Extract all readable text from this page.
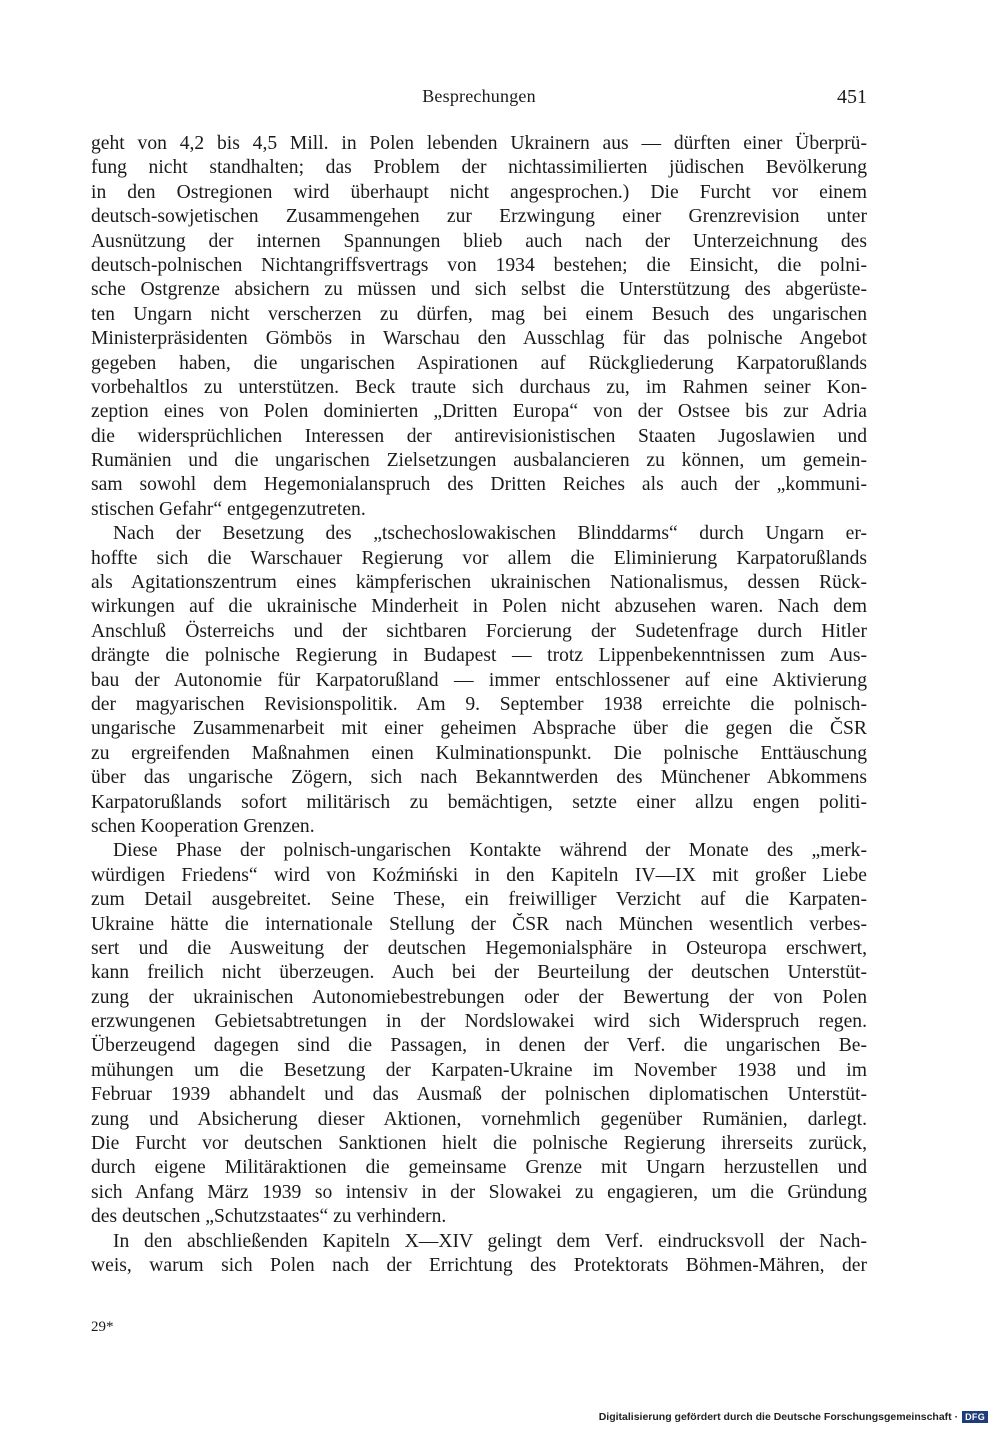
Besprechungen	451
geht von 4,2 bis 4,5 Mill. in Polen lebenden Ukrainern aus — dürften einer Überprü-
fung nicht standhalten; das Problem der nichtassimilierten jüdischen Bevölkerung
in den Ostregionen wird überhaupt nicht angesprochen.) Die Furcht vor einem
deutsch-sowjetischen Zusammengehen zur Erzwingung einer Grenzrevision unter
Ausnützung der internen Spannungen blieb auch nach der Unterzeichnung des
deutsch-polnischen Nichtangriffsvertrags von 1934 bestehen; die Einsicht, die polni-
sche Ostgrenze absichern zu müssen und sich selbst die Unterstützung des abgerüste-
ten Ungarn nicht verscherzen zu dürfen, mag bei einem Besuch des ungarischen
Ministerpräsidenten Gömbös in Warschau den Ausschlag für das polnische Angebot
gegeben haben, die ungarischen Aspirationen auf Rückgliederung Karpatorußlands
vorbehaltlos zu unterstützen. Beck traute sich durchaus zu, im Rahmen seiner Kon-
zeption eines von Polen dominierten „Dritten Europa“ von der Ostsee bis zur Adria
die widersprüchlichen Interessen der antirevisionistischen Staaten Jugoslawien und
Rumänien und die ungarischen Zielsetzungen ausbalancieren zu können, um gemein-
sam sowohl dem Hegemonialanspruch des Dritten Reiches als auch der „kommuni-
stischen Gefahr“ entgegenzutreten.
Nach der Besetzung des „tschechoslowakischen Blinddarms“ durch Ungarn er-
hoffte sich die Warschauer Regierung vor allem die Eliminierung Karpatorußlands
als Agitationszentrum eines kämpferischen ukrainischen Nationalismus, dessen Rück-
wirkungen auf die ukrainische Minderheit in Polen nicht abzusehen waren. Nach dem
Anschluß Österreichs und der sichtbaren Forcierung der Sudetenfrage durch Hitler
drängte die polnische Regierung in Budapest — trotz Lippenbekenntnissen zum Aus-
bau der Autonomie für Karpatorußland — immer entschlossener auf eine Aktivierung
der magyarischen Revisionspolitik. Am 9. September 1938 erreichte die polnisch-
ungarische Zusammenarbeit mit einer geheimen Absprache über die gegen die ČSR
zu ergreifenden Maßnahmen einen Kulminationspunkt. Die polnische Enttäuschung
über das ungarische Zögern, sich nach Bekanntwerden des Münchener Abkommens
Karpatorußlands sofort militärisch zu bemächtigen, setzte einer allzu engen politi-
schen Kooperation Grenzen.
Diese Phase der polnisch-ungarischen Kontakte während der Monate des „merk-
würdigen Friedens“ wird von Koźmiński in den Kapiteln IV—IX mit großer Liebe
zum Detail ausgebreitet. Seine These, ein freiwilliger Verzicht auf die Karpaten-
Ukraine hätte die internationale Stellung der ČSR nach München wesentlich verbes-
sert und die Ausweitung der deutschen Hegemonialsphäre in Osteuropa erschwert,
kann freilich nicht überzeugen. Auch bei der Beurteilung der deutschen Unterstüt-
zung der ukrainischen Autonomiebestrebungen oder der Bewertung der von Polen
erzwungenen Gebietsabtretungen in der Nordslowakei wird sich Widerspruch regen.
Überzeugend dagegen sind die Passagen, in denen der Verf. die ungarischen Be-
mühungen um die Besetzung der Karpaten-Ukraine im November 1938 und im
Februar 1939 abhandelt und das Ausmaß der polnischen diplomatischen Unterstüt-
zung und Absicherung dieser Aktionen, vornehmlich gegenüber Rumänien, darlegt.
Die Furcht vor deutschen Sanktionen hielt die polnische Regierung ihrerseits zurück,
durch eigene Militäraktionen die gemeinsame Grenze mit Ungarn herzustellen und
sich Anfang März 1939 so intensiv in der Slowakei zu engagieren, um die Gründung
des deutschen „Schutzstaates“ zu verhindern.
In den abschließenden Kapiteln X—XIV gelingt dem Verf. eindrucksvoll der Nach-
weis, warum sich Polen nach der Errichtung des Protektorats Böhmen-Mähren, der
29*
Digitalisierung gefördert durch die Deutsche Forschungsgemeinschaft · DFG
